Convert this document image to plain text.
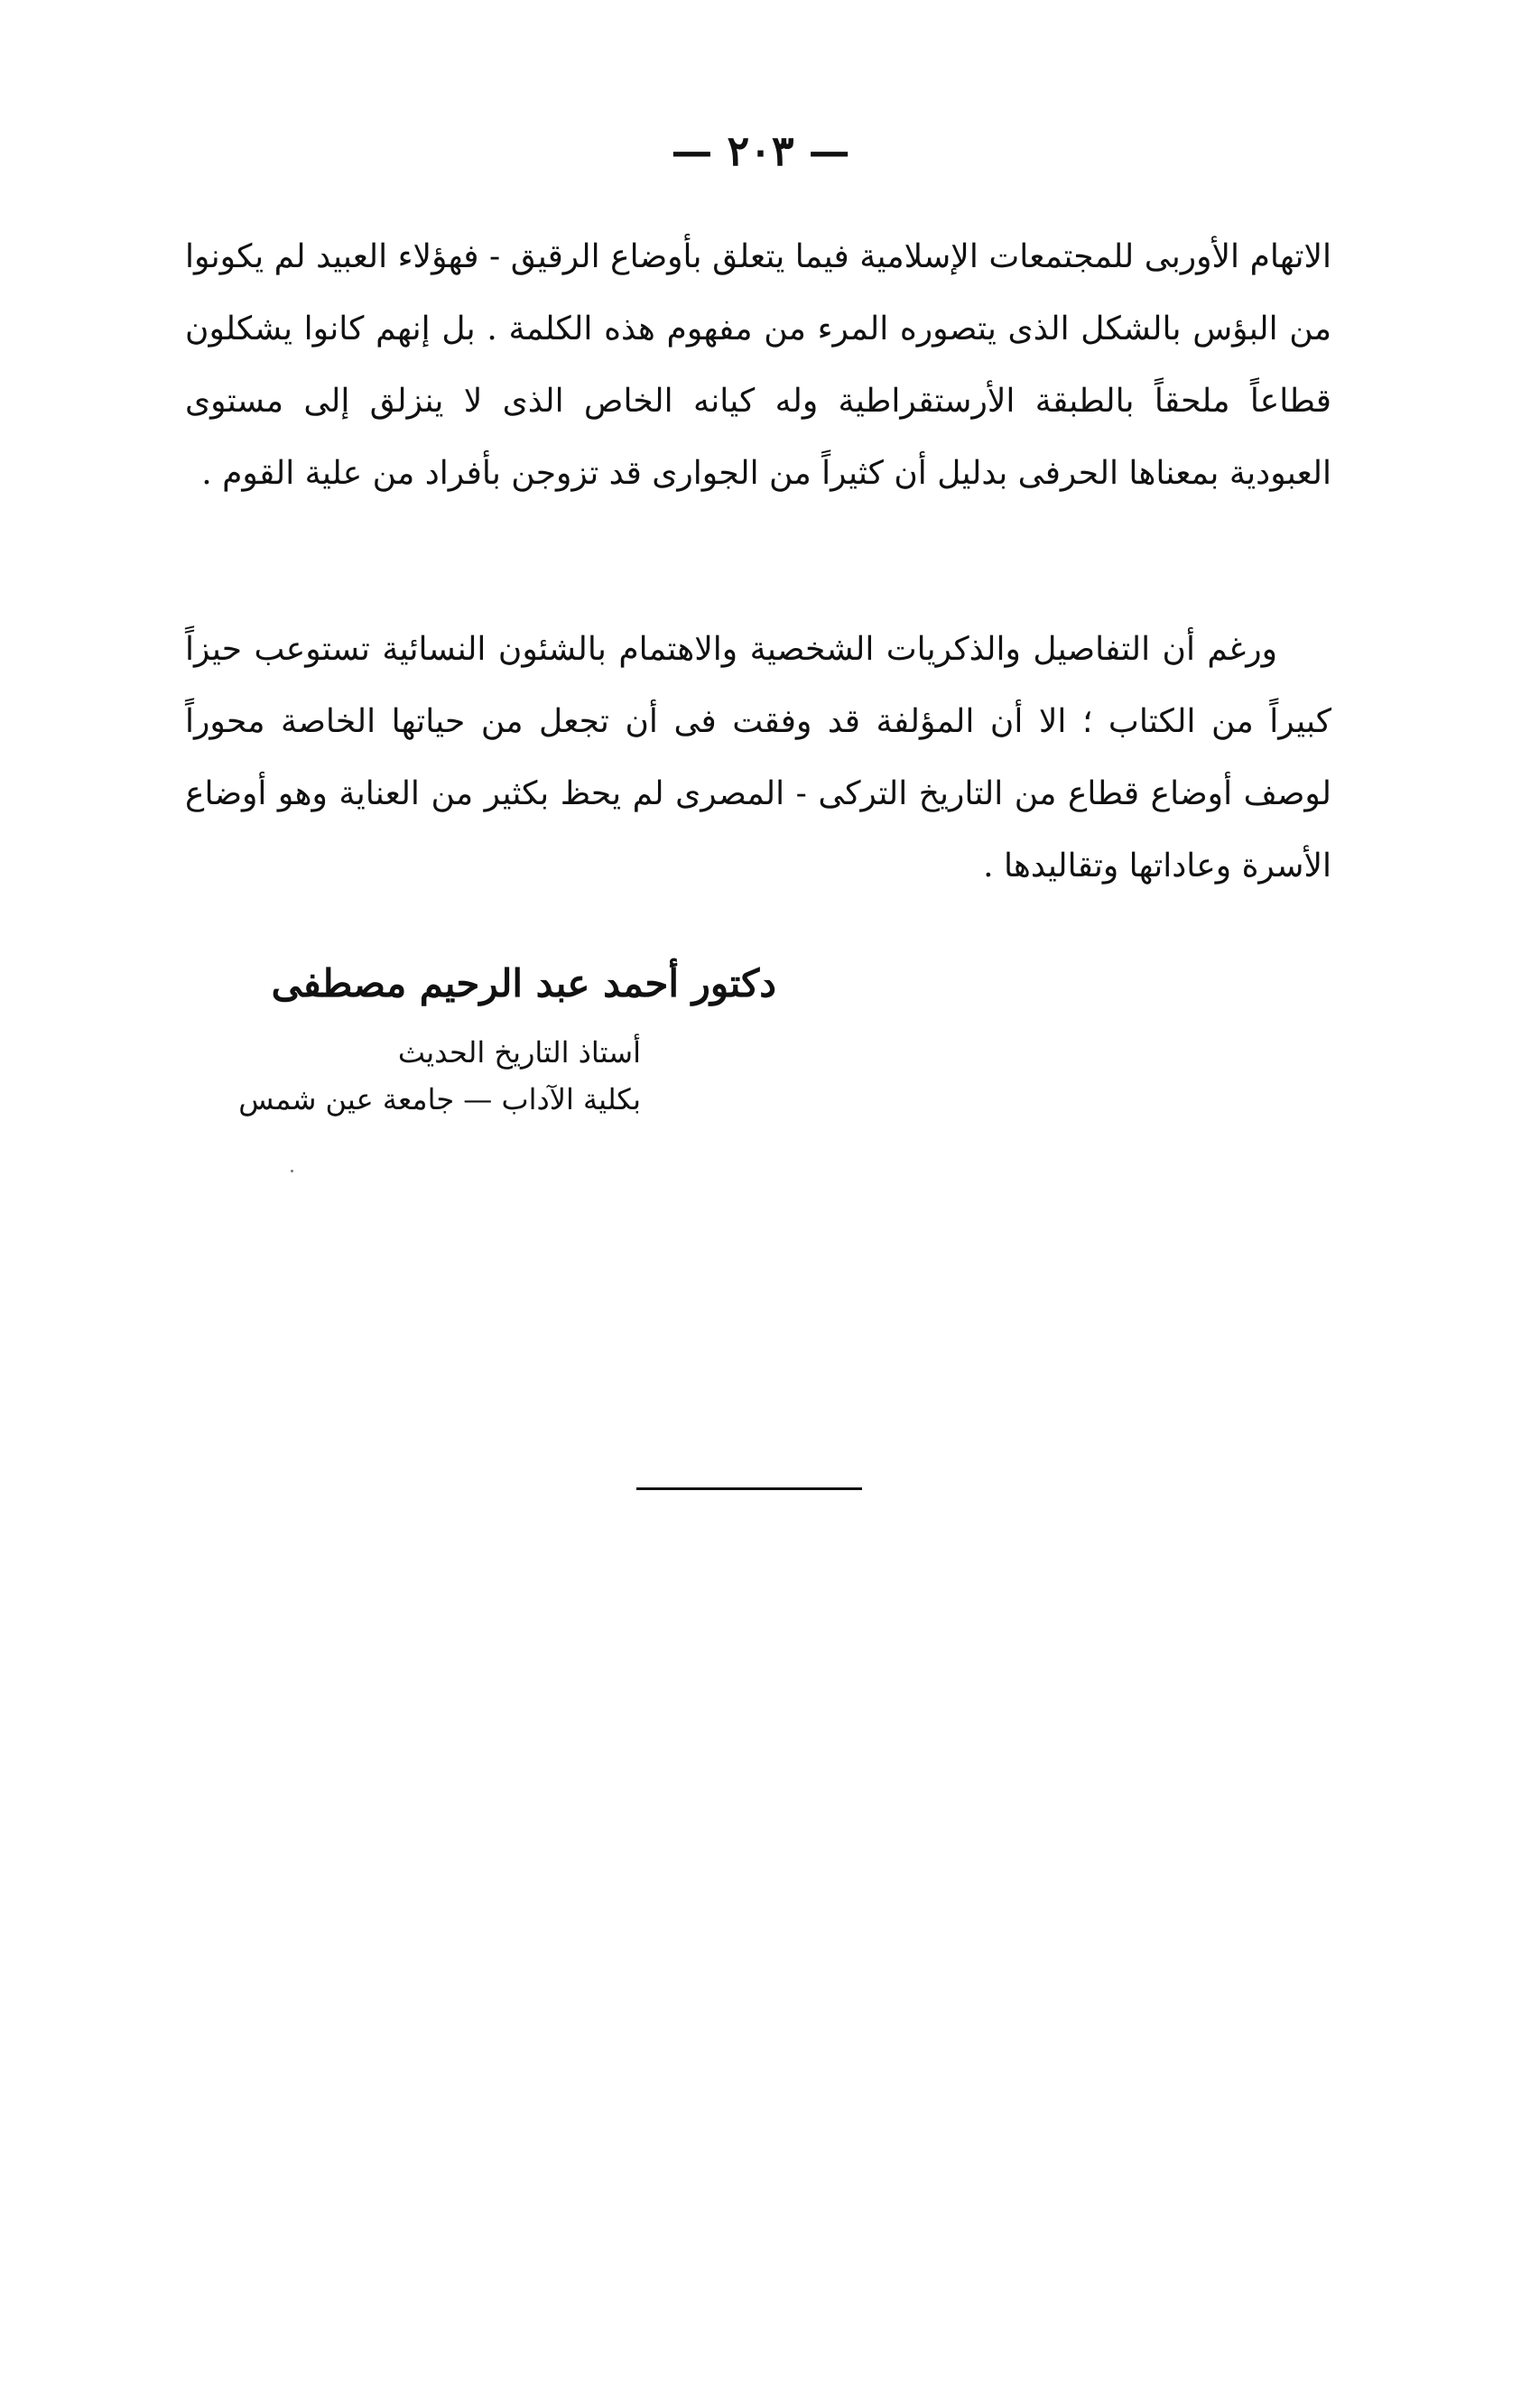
— ٢٠٣ —

الاتهام الأوربى للمجتمعات الإسلامية فيما يتعلق بأوضاع الرقيق - فهؤلاء العبيد لم يكونوا من البؤس بالشكل الذى يتصوره المرء من مفهوم هذه الكلمة . بل إنهم كانوا يشكلون قطاعاً ملحقاً بالطبقة الأرستقراطية وله كيانه الخاص الذى لا ينزلق إلى مستوى العبودية بمعناها الحرفى بدليل أن كثيراً من الجوارى قد تزوجن بأفراد من علية القوم .

ورغم أن التفاصيل والذكريات الشخصية والاهتمام بالشئون النسائية تستوعب حيزاً كبيراً من الكتاب ؛ الا أن المؤلفة قد وفقت فى أن تجعل من حياتها الخاصة محوراً لوصف أوضاع قطاع من التاريخ التركى - المصرى لم يحظ بكثير من العناية وهو أوضاع الأسرة وعاداتها وتقاليدها .

دكتور أحمد عبد الرحيم مصطفى
أستاذ التاريخ الحديث
بكلية الآداب — جامعة عين شمس
